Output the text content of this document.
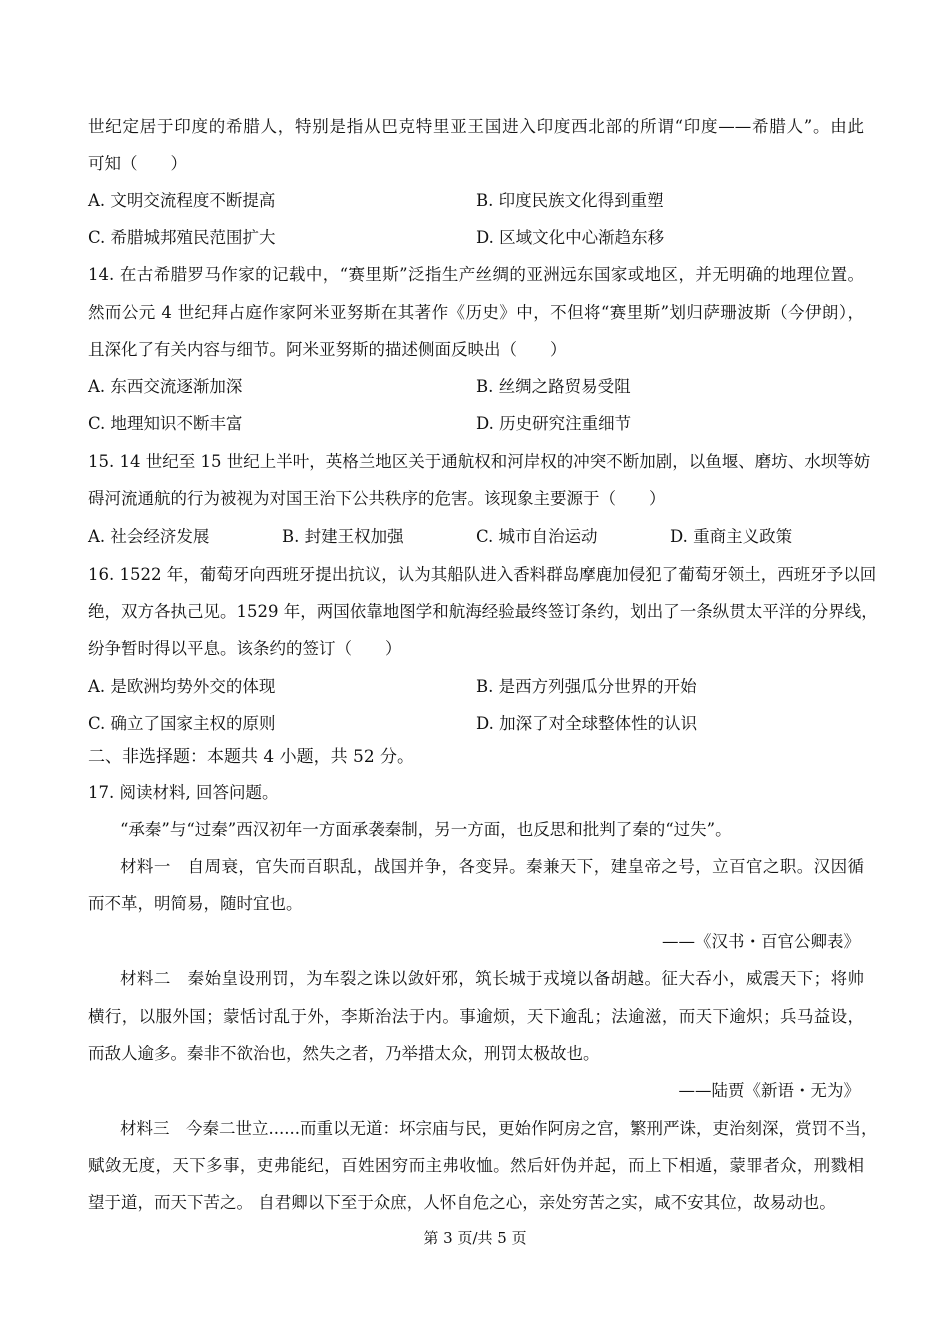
世纪定居于印度的希腊人，特别是指从巴克特里亚王国进入印度西北部的所谓“印度——希腊人”。由此
可知（　　）
A. 文明交流程度不断提高	B. 印度民族文化得到重塑
C. 希腊城邦殖民范围扩大	D. 区域文化中心渐趋东移
14. 在古希腊罗马作家的记载中，“赛里斯”泛指生产丝绸的亚洲远东国家或地区，并无明确的地理位置。
然而公元 4 世纪拜占庭作家阿米亚努斯在其著作《历史》中，不但将“赛里斯”划归萨珊波斯（今伊朗），
且深化了有关内容与细节。阿米亚努斯的描述侧面反映出（　　）
A. 东西交流逐渐加深	B. 丝绸之路贸易受阻
C. 地理知识不断丰富	D. 历史研究注重细节
15. 14 世纪至 15 世纪上半叶，英格兰地区关于通航权和河岸权的冲突不断加剧，以鱼堰、磨坊、水坝等妨
碍河流通航的行为被视为对国王治下公共秩序的危害。该现象主要源于（　　）
A. 社会经济发展	B. 封建王权加强	C. 城市自治运动	D. 重商主义政策
16. 1522 年，葡萄牙向西班牙提出抗议，认为其船队进入香料群岛摩鹿加侵犯了葡萄牙领土，西班牙予以回
绝，双方各执己见。1529 年，两国依靠地图学和航海经验最终签订条约，划出了一条纵贯太平洋的分界线，
纷争暂时得以平息。该条约的签订（　　）
A. 是欧洲均势外交的体现	B. 是西方列强瓜分世界的开始
C. 确立了国家主权的原则	D. 加深了对全球整体性的认识
二、非选择题：本题共 4 小题，共 52 分。
17. 阅读材料, 回答问题。
“承秦”与“过秦”西汉初年一方面承袭秦制，另一方面，也反思和批判了秦的“过失”。
材料一　自周衰，官失而百职乱，战国并争，各变异。秦兼天下，建皇帝之号，立百官之职。汉因循
而不革，明简易，随时宜也。
——《汉书・百官公卿表》
材料二　秦始皇设刑罚，为车裂之诛以敛奸邪，筑长城于戎境以备胡越。征大吞小，威震天下；将帅
横行，以服外国；蒙恬讨乱于外，李斯治法于内。事逾烦，天下逾乱；法逾滋，而天下逾炽；兵马益设，
而敌人逾多。秦非不欲治也，然失之者，乃举措太众，刑罚太极故也。
——陆贾《新语・无为》
材料三　今秦二世立......而重以无道：坏宗庙与民，更始作阿房之宫，繁刑严诛，吏治刻深，赏罚不当，
赋敛无度，天下多事，吏弗能纪，百姓困穷而主弗收恤。然后奸伪并起，而上下相遁，蒙罪者众，刑戮相
望于道，而天下苦之。 自君卿以下至于众庶，人怀自危之心，亲处穷苦之实，咸不安其位，故易动也。
第 3 页/共 5 页
